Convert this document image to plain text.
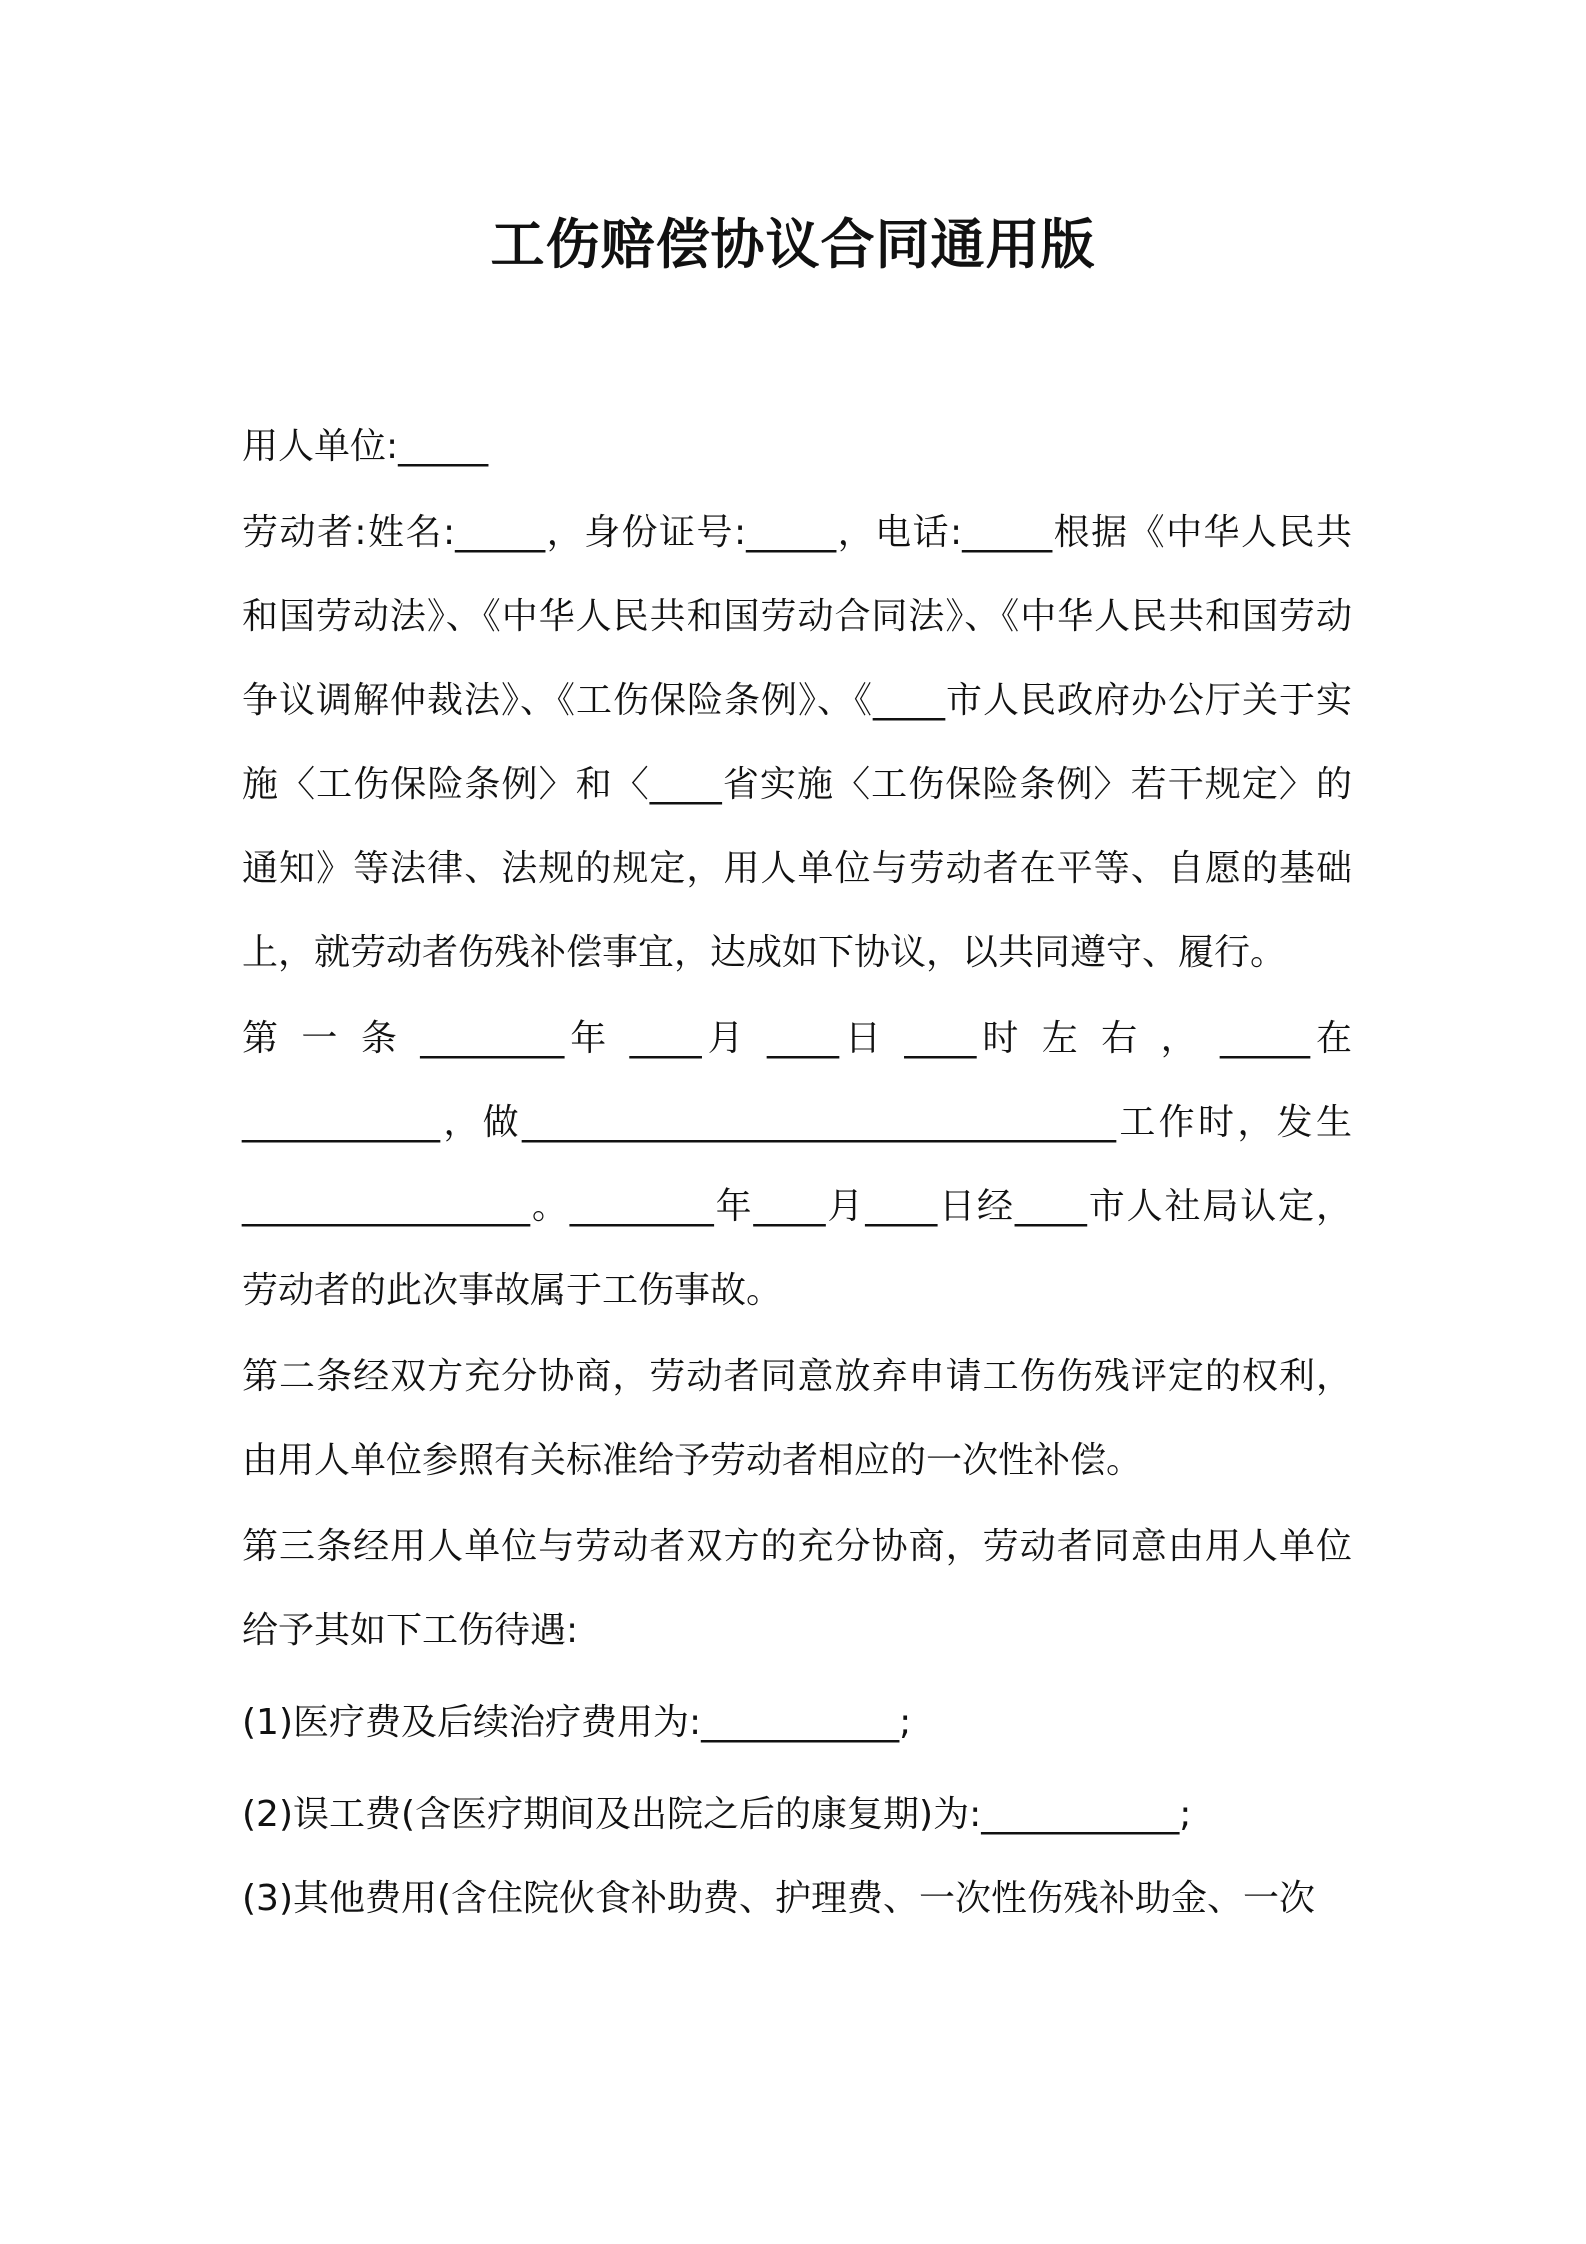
工伤赔偿协议合同通用版

用人单位:_____

劳动者:姓名:_____，身份证号:_____，电话:_____根据《中华人民共和国劳动法》、《中华人民共和国劳动合同法》、《中华人民共和国劳动争议调解仲裁法》、《工伤保险条例》、《____市人民政府办公厅关于实施〈工伤保险条例〉和〈____省实施〈工伤保险条例〉若干规定〉的通知》等法律、法规的规定，用人单位与劳动者在平等、自愿的基础上，就劳动者伤残补偿事宜，达成如下协议，以共同遵守、履行。

第 一 条 ________年 ____月 ____日 ____时 左 右 ， _____在

___________，做_________________________________工作时，发生________________。________年____月____日经____市人社局认定，劳动者的此次事故属于工伤事故。

第二条经双方充分协商，劳动者同意放弃申请工伤伤残评定的权利，由用人单位参照有关标准给予劳动者相应的一次性补偿。

第三条经用人单位与劳动者双方的充分协商，劳动者同意由用人单位给予其如下工伤待遇:

(1)医疗费及后续治疗费用为:___________;

(2)误工费(含医疗期间及出院之后的康复期)为:___________;

(3)其他费用(含住院伙食补助费、护理费、一次性伤残补助金、一次
